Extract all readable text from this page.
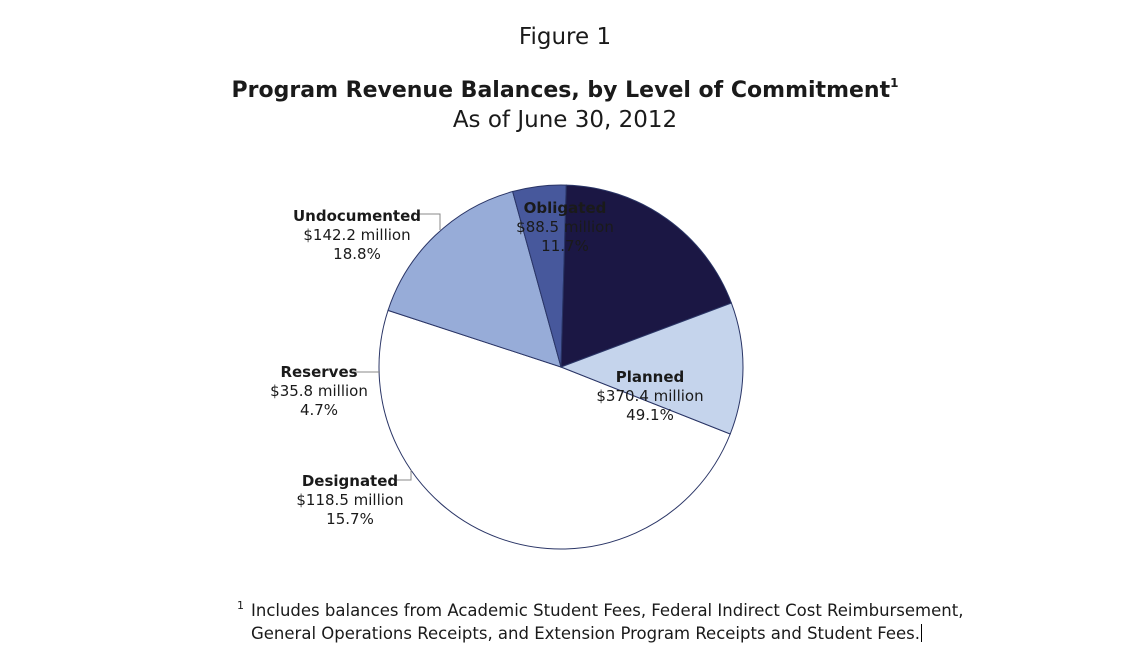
Figure 1
Program Revenue Balances, by Level of Commitment$^1$
As of June 30, 2012
Undocumented
$142.2 million
18.8%
Obligated
$88.5 million
11.7%
Reserves
$35.8 million
4.7%
Designated
$118.5 million
15.7%
Planned
$370.4 million
49.1%
1 Includes balances from Academic Student Fees, Federal Indirect Cost Reimbursement, General Operations Receipts, and Extension Program Receipts and Student Fees.
